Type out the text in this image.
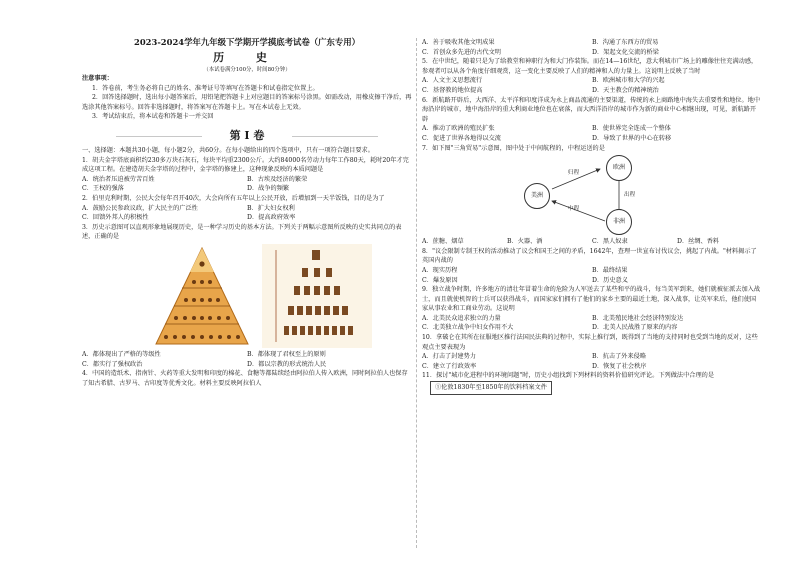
2023-2024学年九年级下学期开学摸底考试卷（广东专用）
历 史
（本试卷满分100分，时间80分钟）

注意事项：

1．答卷前，考生务必将自己的姓名、准考证号等填写在答题卡和试卷指定位置上。

2．回答选择题时，选出每小题答案后，用铅笔把答题卡上对应题目的答案标号涂黑。如需改动，用橡皮擦干净后，再选涂其他答案标号。回答非选择题时，将答案写在答题卡上。写在本试卷上无效。

3．考试结束后，将本试卷和答题卡一并交回

第 Ⅰ 卷

一、选择题：本题共30小题，每小题2分，共60分。在每小题给出的四个选项中，只有一项符合题目要求。

1．胡夫金字塔底面积约230多万块石灰石，每块平均重2300公斤。大约84000名劳动力每年工作80天，耗时20年才完成这项工程。在建造胡夫金字塔的过程中，金字塔的修建上，这种现象反映的本质问题是

A．统治者压迫被劳苦百姓	B．古埃及经济的繁荣
C．王权的强落	D．战争的频繁

2．伯里克利时期，公民大会每年召开40次，大会向所有五年以上公民开放，后增加到一天半饭钱，目的是为了

A．鼓励公民参政议政，扩大民主的广泛性	B．扩大妇女权利
C．回馈外邦人的积极性	D．提高政府效率

3．历史示意图可以直观形象地展现历史，是一种学习历史的基本方法。下列关于两幅示意图所反映的史实共同点的表述，正确的是

A．都体现出了严格的等级性	B．都体现了君权至上的原则
C．都实行了强权政治	D．都以宗教的形式统治人民

4．中国的造纸术、指南针、火药等重大发明和印度的棉花、食糖等都陆续经由阿拉伯人传入欧洲，同时阿拉伯人也保存了知古希腊、古罗马、古印度等优秀文化。材料主要反映阿拉伯人

A．善于吸收其他文明成果	B．沟通了东西方的贸易
C．首创众多先进的古代文明	D．架起文化交流的桥梁

5．在中世纪，随着只是为了给教堂和神职行为和大门作装饰。而在14—16世纪，意大利城市广场上的雕像往往充满动感，参观者可以从各个角度仔细观赏，这一变化主要反映了人们的精神和人的力量上。这说明上反映了当时

A．人文主义思想流行	B．欧洲城市和大学的兴起
C．基督教的地位提高	D．天主教会的精神统治

6．新航路开辟后，大西洋、太平洋和印度洋成为永上商品流通的主要渠道，传统的永上商路地中海失去重要性和地位。地中海沿岸的城市，地中海沿岸的重大利商业地位也在衰落，而大西洋沿岸的城市作为新的商业中心相继出现，可见，新航路开辟

A．推动了欧洲的殖民扩张	B．使世界完全连成一个整体
C．促进了世界各地得以交流	D．导致了世界的中心在转移

7．如下图"三角贸易"示意图，图中处于中间航程的，中程运送的是

欧洲
美洲
非洲
归程
出程
中程
A．蔗糖、烟草	B．火器、酒	C．黑人奴隶	D．丝绸、香料

8．"议会限制专制王权的活动推动了议会和国王之间的矛盾，1642年，查理一世宣布讨伐议会，挑起了内战。"材料揭示了英国内战的

A．现实历程	B．最终结果
C．爆发原因	D．历史意义

9．独立战争时期，许多地方的清壮年冒着生命的危险为人军送去了某些和平的战斗，每当美军到来，她们就被征派去加入战士，而且就使机智的士兵可以获得战斗，而国家家们拥有了他们的家乡主要的最近土地，深入战事，让英军来后，他们使国家从事农业和工商业劳动。这说明

A．北美民众追求独立的力量	B．北美殖民地社会经济特别发达
C．北美独立战争中妇女作用不大	D．北美人民战胜了原来的内容

10．拿破仑在其所在征服地区推行法国民法典的过程中，实际上推行到，既得到了当地的支持同时也受到当地的反对，这些观点主要表现为

A．打击了封建势力	B．抗击了外来侵略
C．建立了行政效率	D．恢复了社会秩序

11．探讨"城市化进程中的环境问题"时，历史小组找到下列材料的资料价值研究评论。下列做法中合理的是

①伦敦1830年至1850年的饮料档案文件
